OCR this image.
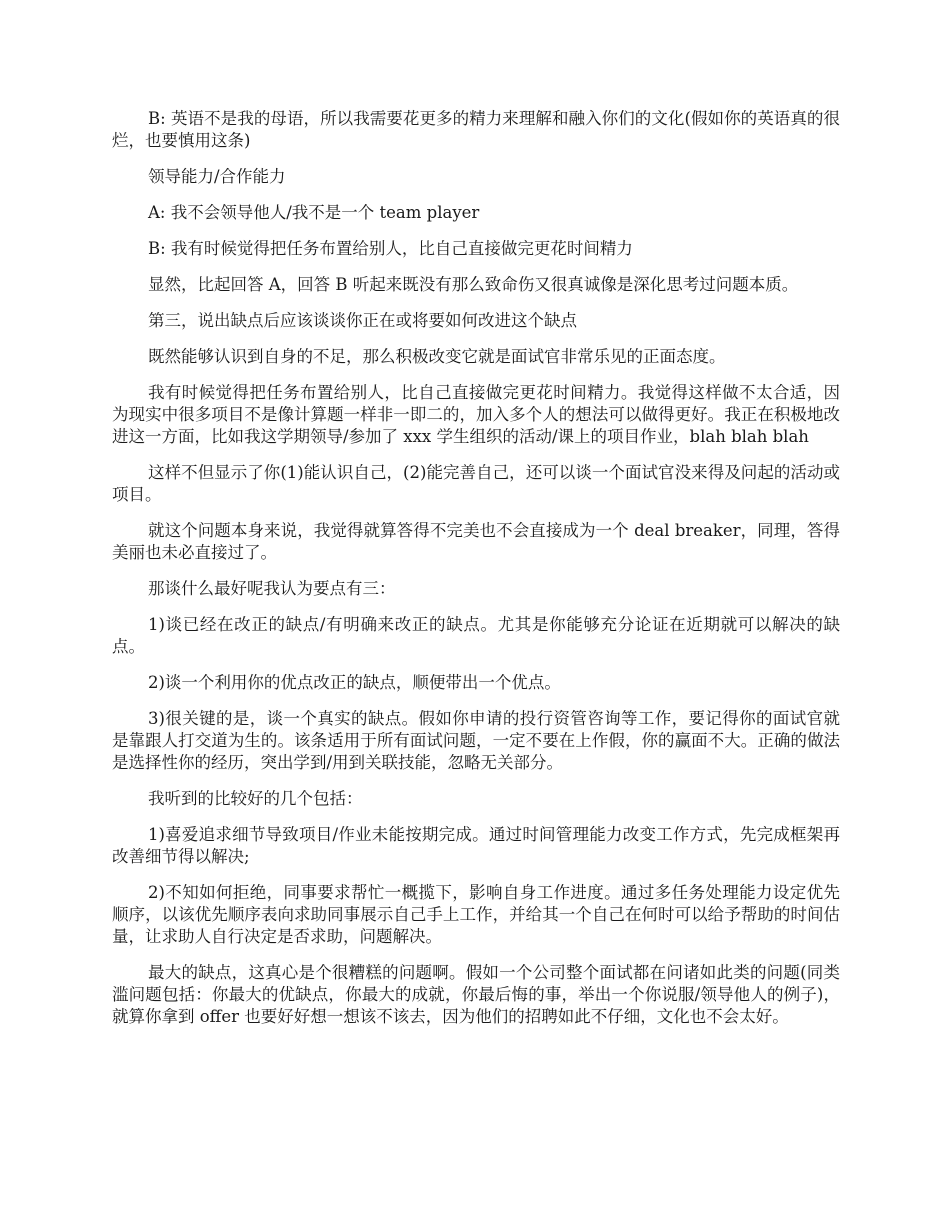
B: 英语不是我的母语，所以我需要花更多的精力来理解和融入你们的文化(假如你的英语真的很烂，也要慎用这条)

领导能力/合作能力

A: 我不会领导他人/我不是一个 team player

B: 我有时候觉得把任务布置给别人，比自己直接做完更花时间精力

显然，比起回答 A，回答 B 听起来既没有那么致命伤又很真诚像是深化思考过问题本质。

第三，说出缺点后应该谈谈你正在或将要如何改进这个缺点

既然能够认识到自身的不足，那么积极改变它就是面试官非常乐见的正面态度。

我有时候觉得把任务布置给别人，比自己直接做完更花时间精力。我觉得这样做不太合适，因为现实中很多项目不是像计算题一样非一即二的，加入多个人的想法可以做得更好。我正在积极地改进这一方面，比如我这学期领导/参加了 xxx 学生组织的活动/课上的项目作业，blah blah blah

这样不但显示了你(1)能认识自己，(2)能完善自己，还可以谈一个面试官没来得及问起的活动或项目。

就这个问题本身来说，我觉得就算答得不完美也不会直接成为一个 deal breaker，同理，答得美丽也未必直接过了。

那谈什么最好呢我认为要点有三：

1)谈已经在改正的缺点/有明确来改正的缺点。尤其是你能够充分论证在近期就可以解决的缺点。

2)谈一个利用你的优点改正的缺点，顺便带出一个优点。

3)很关键的是，谈一个真实的缺点。假如你申请的投行资管咨询等工作，要记得你的面试官就是靠跟人打交道为生的。该条适用于所有面试问题，一定不要在上作假，你的赢面不大。正确的做法是选择性你的经历，突出学到/用到关联技能，忽略无关部分。

我听到的比较好的几个包括：

1)喜爱追求细节导致项目/作业未能按期完成。通过时间管理能力改变工作方式，先完成框架再改善细节得以解决;

2)不知如何拒绝，同事要求帮忙一概揽下，影响自身工作进度。通过多任务处理能力设定优先顺序，以该优先顺序表向求助同事展示自己手上工作，并给其一个自己在何时可以给予帮助的时间估量，让求助人自行决定是否求助，问题解决。

最大的缺点，这真心是个很糟糕的问题啊。假如一个公司整个面试都在问诸如此类的问题(同类滥问题包括：你最大的优缺点，你最大的成就，你最后悔的事，举出一个你说服/领导他人的例子)，就算你拿到 offer 也要好好想一想该不该去，因为他们的招聘如此不仔细，文化也不会太好。
